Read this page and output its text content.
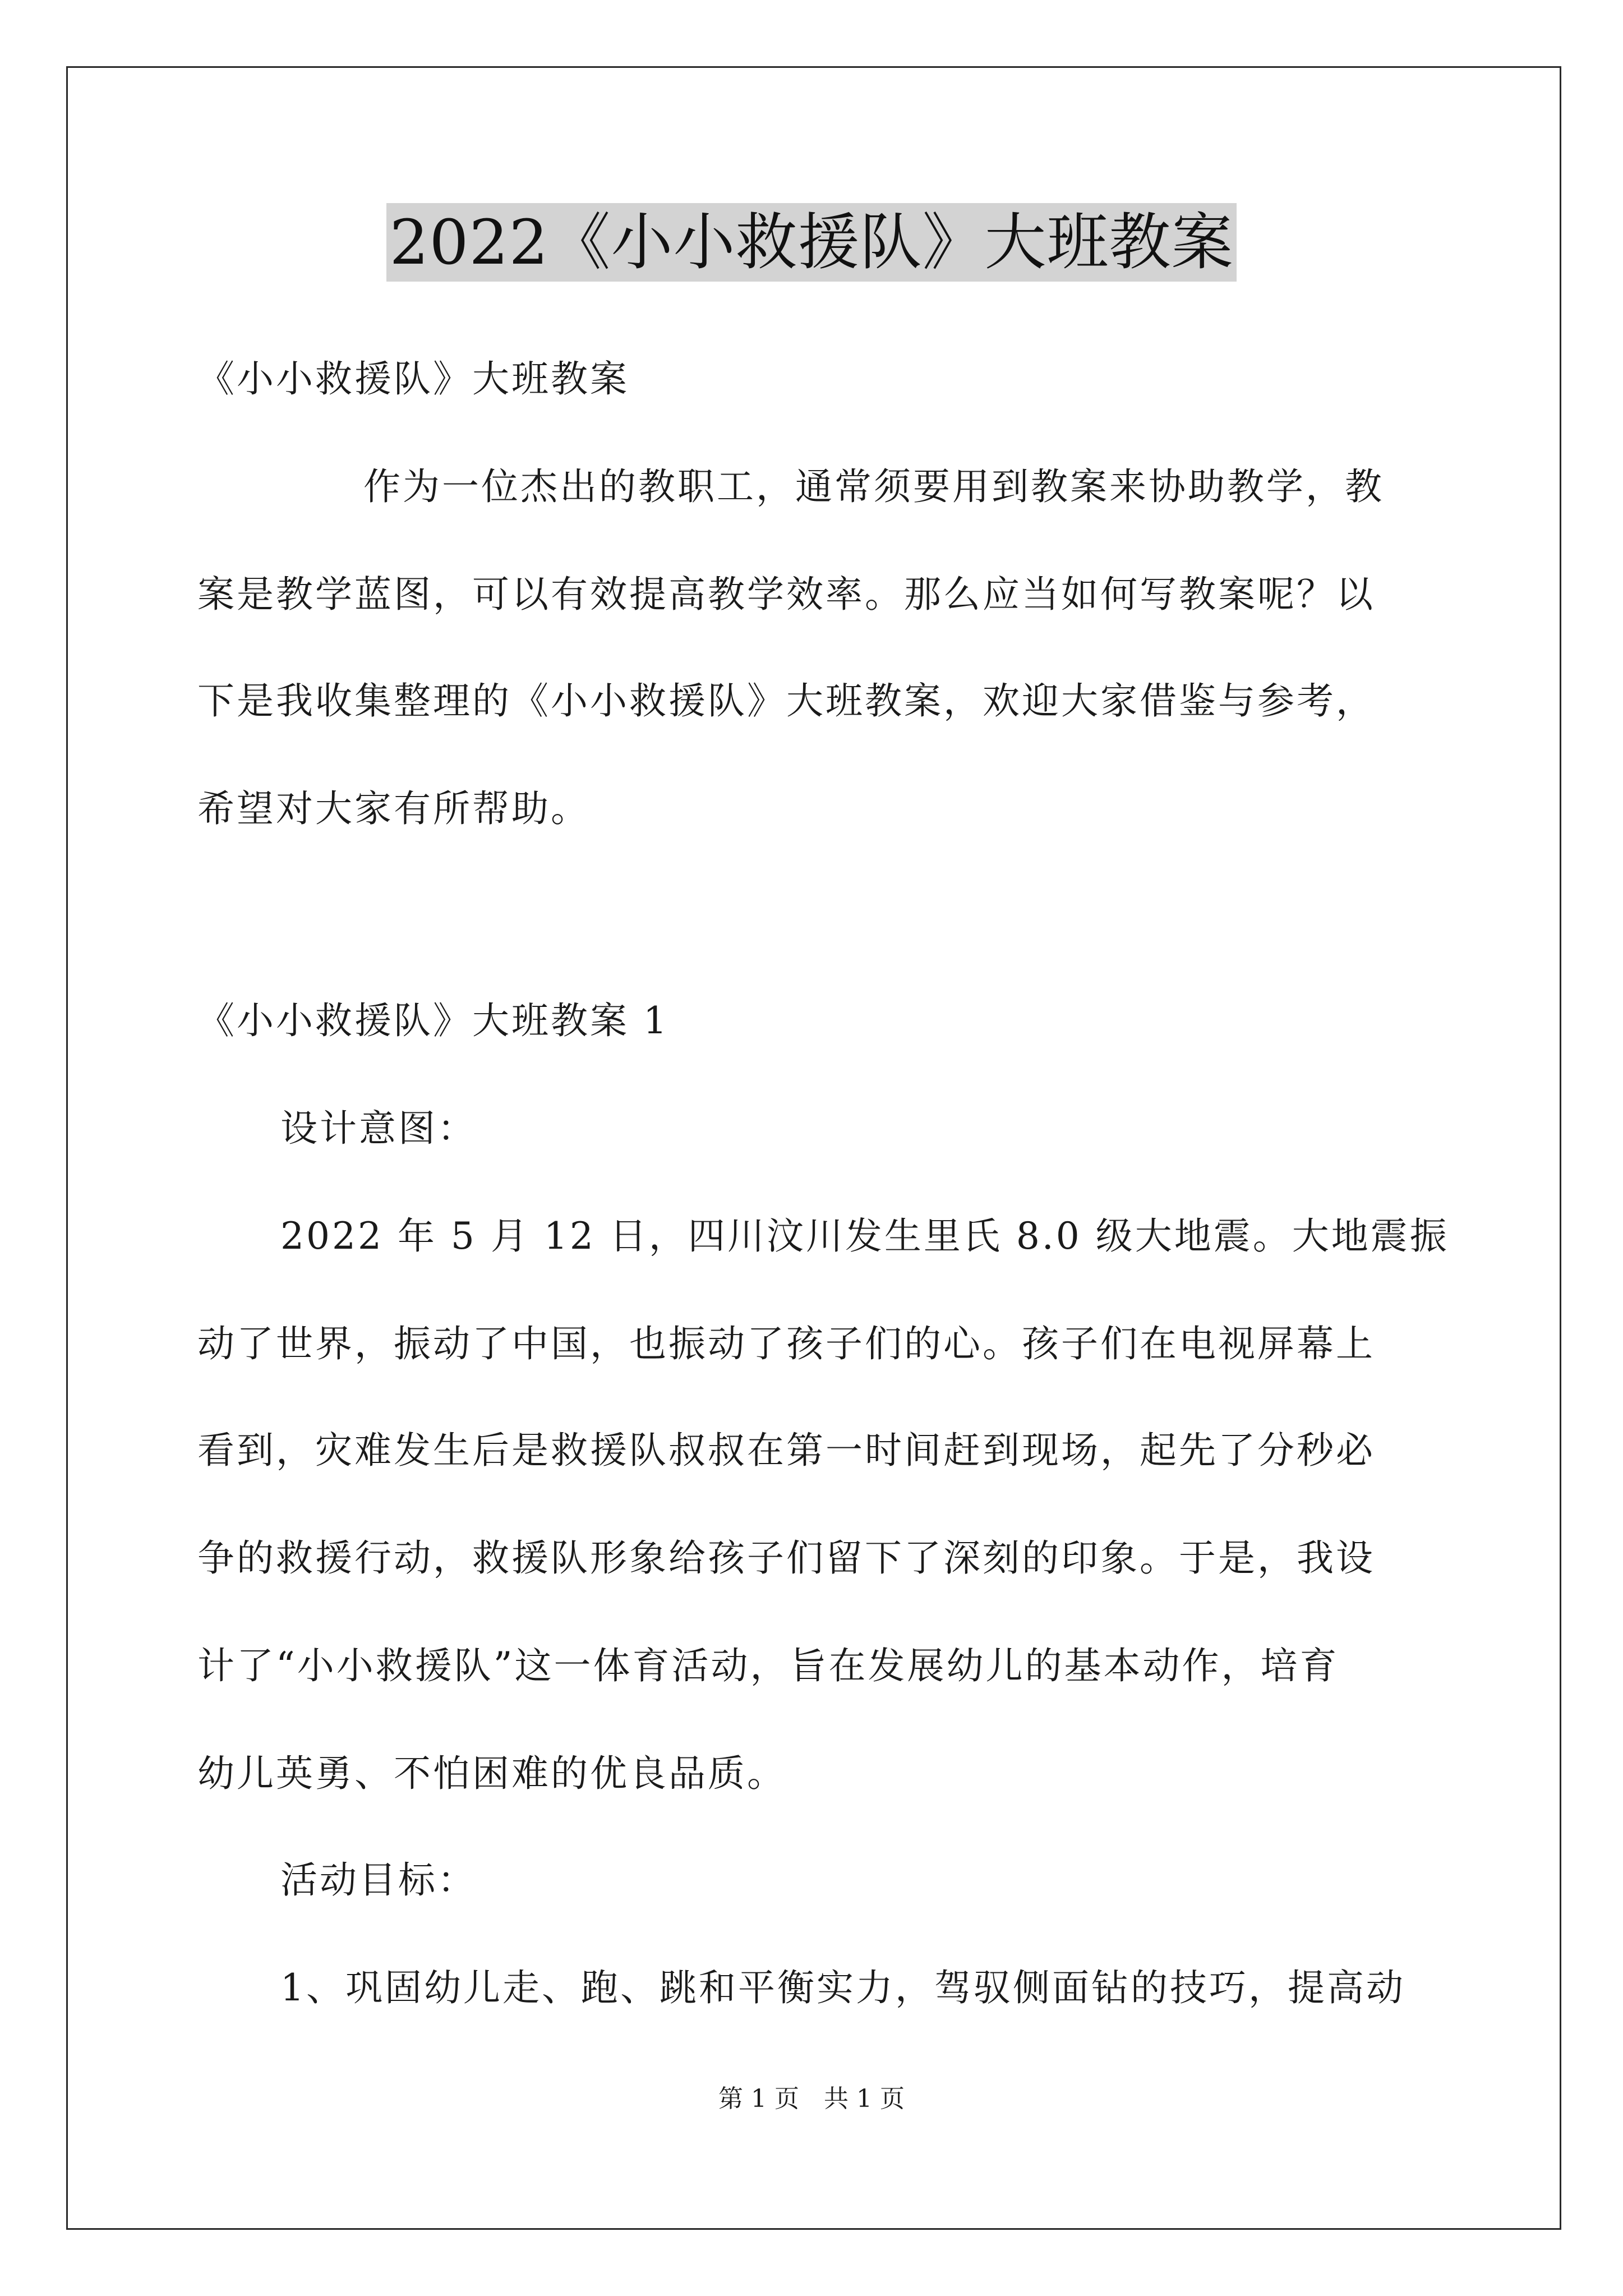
2022《小小救援队》大班教案
《小小救援队》大班教案
作为一位杰出的教职工，通常须要用到教案来协助教学，教
案是教学蓝图，可以有效提高教学效率。那么应当如何写教案呢？以
下是我收集整理的《小小救援队》大班教案，欢迎大家借鉴与参考，
希望对大家有所帮助。
《小小救援队》大班教案 1
设计意图：
2022 年 5 月 12 日，四川汶川发生里氏 8.0 级大地震。大地震振
动了世界，振动了中国，也振动了孩子们的心。孩子们在电视屏幕上
看到，灾难发生后是救援队叔叔在第一时间赶到现场，起先了分秒必
争的救援行动，救援队形象给孩子们留下了深刻的印象。于是，我设
计了“小小救援队”这一体育活动，旨在发展幼儿的基本动作，培育
幼儿英勇、不怕困难的优良品质。
活动目标：
1、巩固幼儿走、跑、跳和平衡实力，驾驭侧面钻的技巧，提高动
第 1 页　共 1 页
